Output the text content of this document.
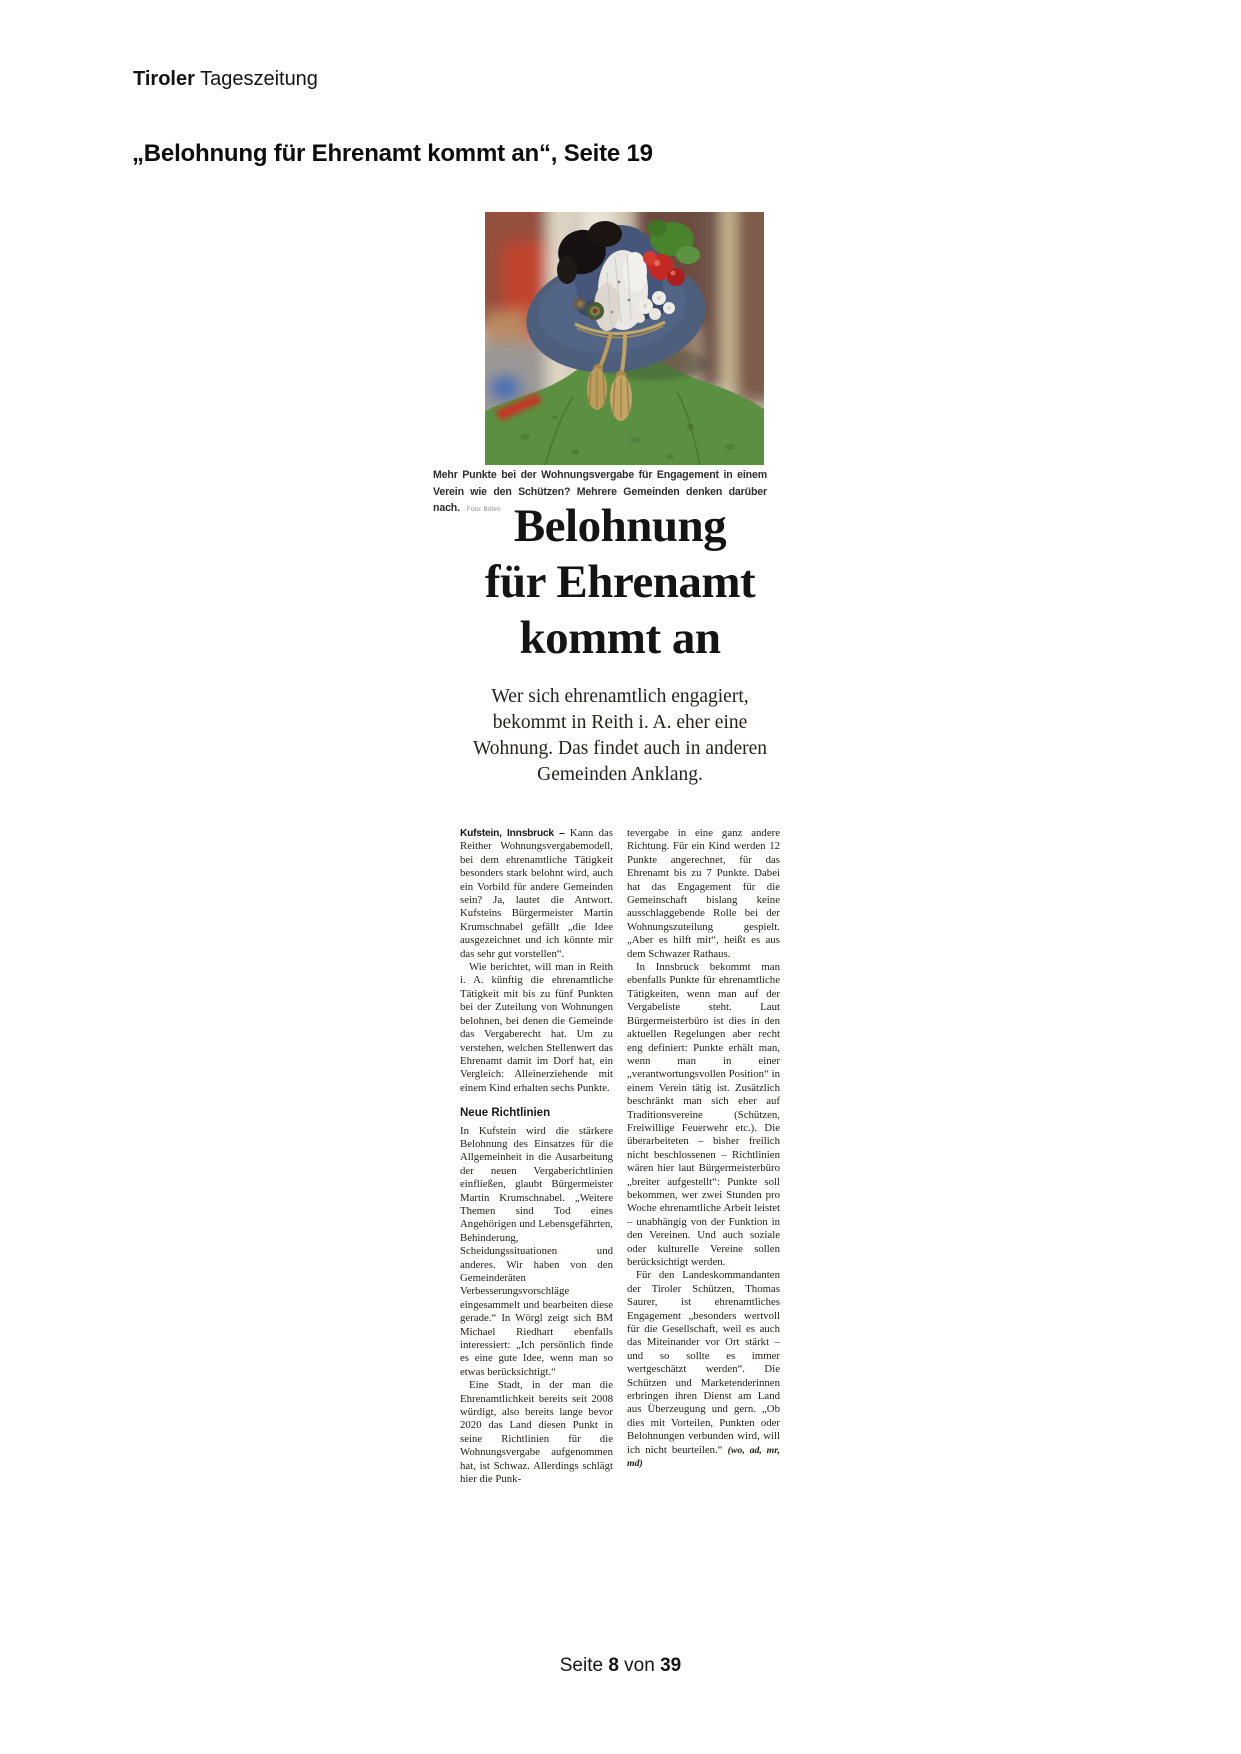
Tiroler Tageszeitung
„Belohnung für Ehrenamt kommt an“, Seite 19
Mehr Punkte bei der Wohnungsvergabe für Engagement in einem Verein wie den Schützen? Mehrere Gemeinden denken darüber nach. Foto: Böhm Belohnung
für Ehrenamt
kommt an
Wer sich ehrenamtlich engagiert, bekommt in Reith i. A. eher eine Wohnung. Das findet auch in anderen Gemeinden Anklang.

Kufstein, Innsbruck – Kann das Reither Wohnungsvergabemodell, bei dem ehrenamtliche Tätigkeit besonders stark belohnt wird, auch ein Vorbild für andere Gemeinden sein? Ja, lautet die Antwort. Kufsteins Bürgermeister Martin Krumschnabel gefällt „die Idee ausgezeichnet und ich könnte mir das sehr gut vorstellen“.

Wie berichtet, will man in Reith i. A. künftig die ehrenamtliche Tätigkeit mit bis zu fünf Punkten bei der Zuteilung von Wohnungen belohnen, bei denen die Gemeinde das Vergaberecht hat. Um zu verstehen, welchen Stellenwert das Ehrenamt damit im Dorf hat, ein Vergleich: Alleinerziehende mit einem Kind erhalten sechs Punkte.

Neue Richtlinien

In Kufstein wird die stärkere Belohnung des Einsatzes für die Allgemeinheit in die Ausarbeitung der neuen Vergaberichtlinien einfließen, glaubt Bürgermeister Martin Krumschnabel. „Weitere Themen sind Tod eines Angehörigen und Lebensgefährten, Behinderung, Scheidungssituationen und anderes. Wir haben von den Gemeinderäten Verbesserungsvorschläge eingesammelt und bearbeiten diese gerade.“ In Wörgl zeigt sich BM Michael Riedhart ebenfalls interessiert: „Ich persönlich finde es eine gute Idee, wenn man so etwas berücksichtigt.“

Eine Stadt, in der man die Ehrenamtlichkeit bereits seit 2008 würdigt, also bereits lange bevor 2020 das Land diesen Punkt in seine Richtlinien für die Wohnungsvergabe aufgenommen hat, ist Schwaz. Allerdings schlägt hier die Punk-

tevergabe in eine ganz andere Richtung. Für ein Kind werden 12 Punkte angerechnet, für das Ehrenamt bis zu 7 Punkte. Dabei hat das Engagement für die Gemeinschaft bislang keine ausschlaggebende Rolle bei der Wohnungszuteilung gespielt. „Aber es hilft mit“, heißt es aus dem Schwazer Rathaus.

In Innsbruck bekommt man ebenfalls Punkte für ehrenamtliche Tätigkeiten, wenn man auf der Vergabeliste steht. Laut Bürgermeisterbüro ist dies in den aktuellen Regelungen aber recht eng definiert: Punkte erhält man, wenn man in einer „verantwortungsvollen Position“ in einem Verein tätig ist. Zusätzlich beschränkt man sich eher auf Traditionsvereine (Schützen, Freiwillige Feuerwehr etc.). Die überarbeiteten – bisher freilich nicht beschlossenen – Richtlinien wären hier laut Bürgermeisterbüro „breiter aufgestellt“: Punkte soll bekommen, wer zwei Stunden pro Woche ehrenamtliche Arbeit leistet – unabhängig von der Funktion in den Vereinen. Und auch soziale oder kulturelle Vereine sollen berücksichtigt werden.

Für den Landeskommandanten der Tiroler Schützen, Thomas Saurer, ist ehrenamtliches Engagement „besonders wertvoll für die Gesellschaft, weil es auch das Miteinander vor Ort stärkt – und so sollte es immer wertgeschätzt werden“. Die Schützen und Marketenderinnen erbringen ihren Dienst am Land aus Überzeugung und gern. „Ob dies mit Vorteilen, Punkten oder Belohnungen verbunden wird, will ich nicht beurteilen.“ (wo, ad, mr, md)

Seite 8 von 39
